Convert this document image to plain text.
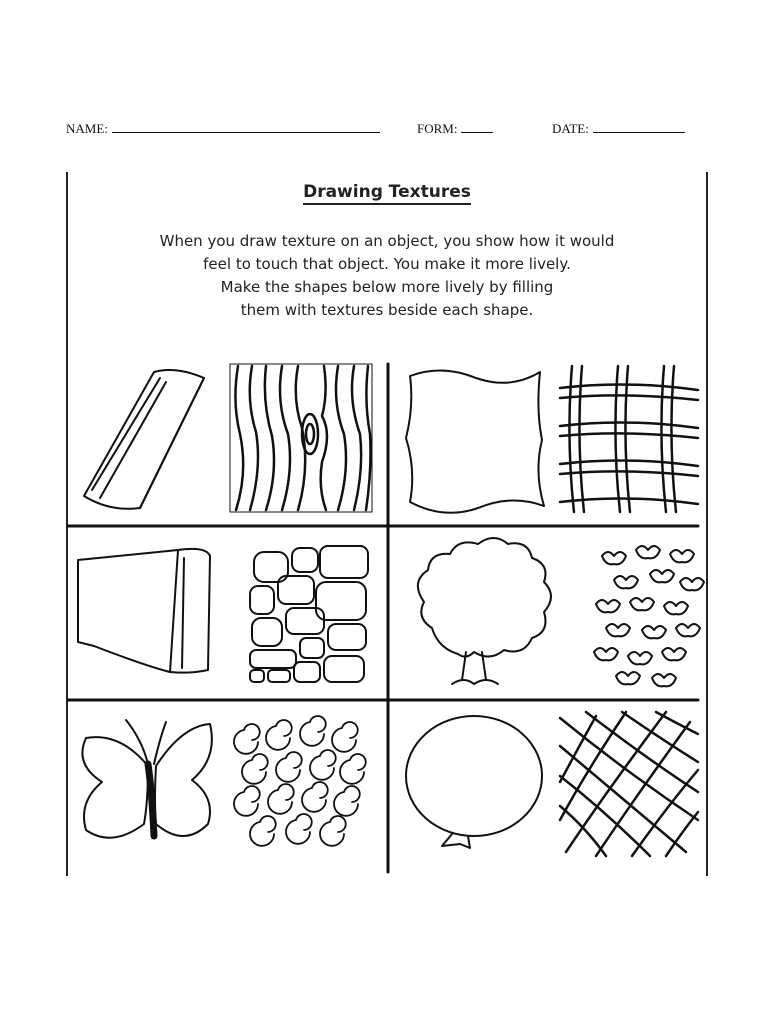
NAME:	FORM:	DATE:
Drawing Textures
When you draw texture on an object, you show how it would
feel to touch that object. You make it more lively.
Make the shapes below more lively by filling
them with textures beside each shape.
